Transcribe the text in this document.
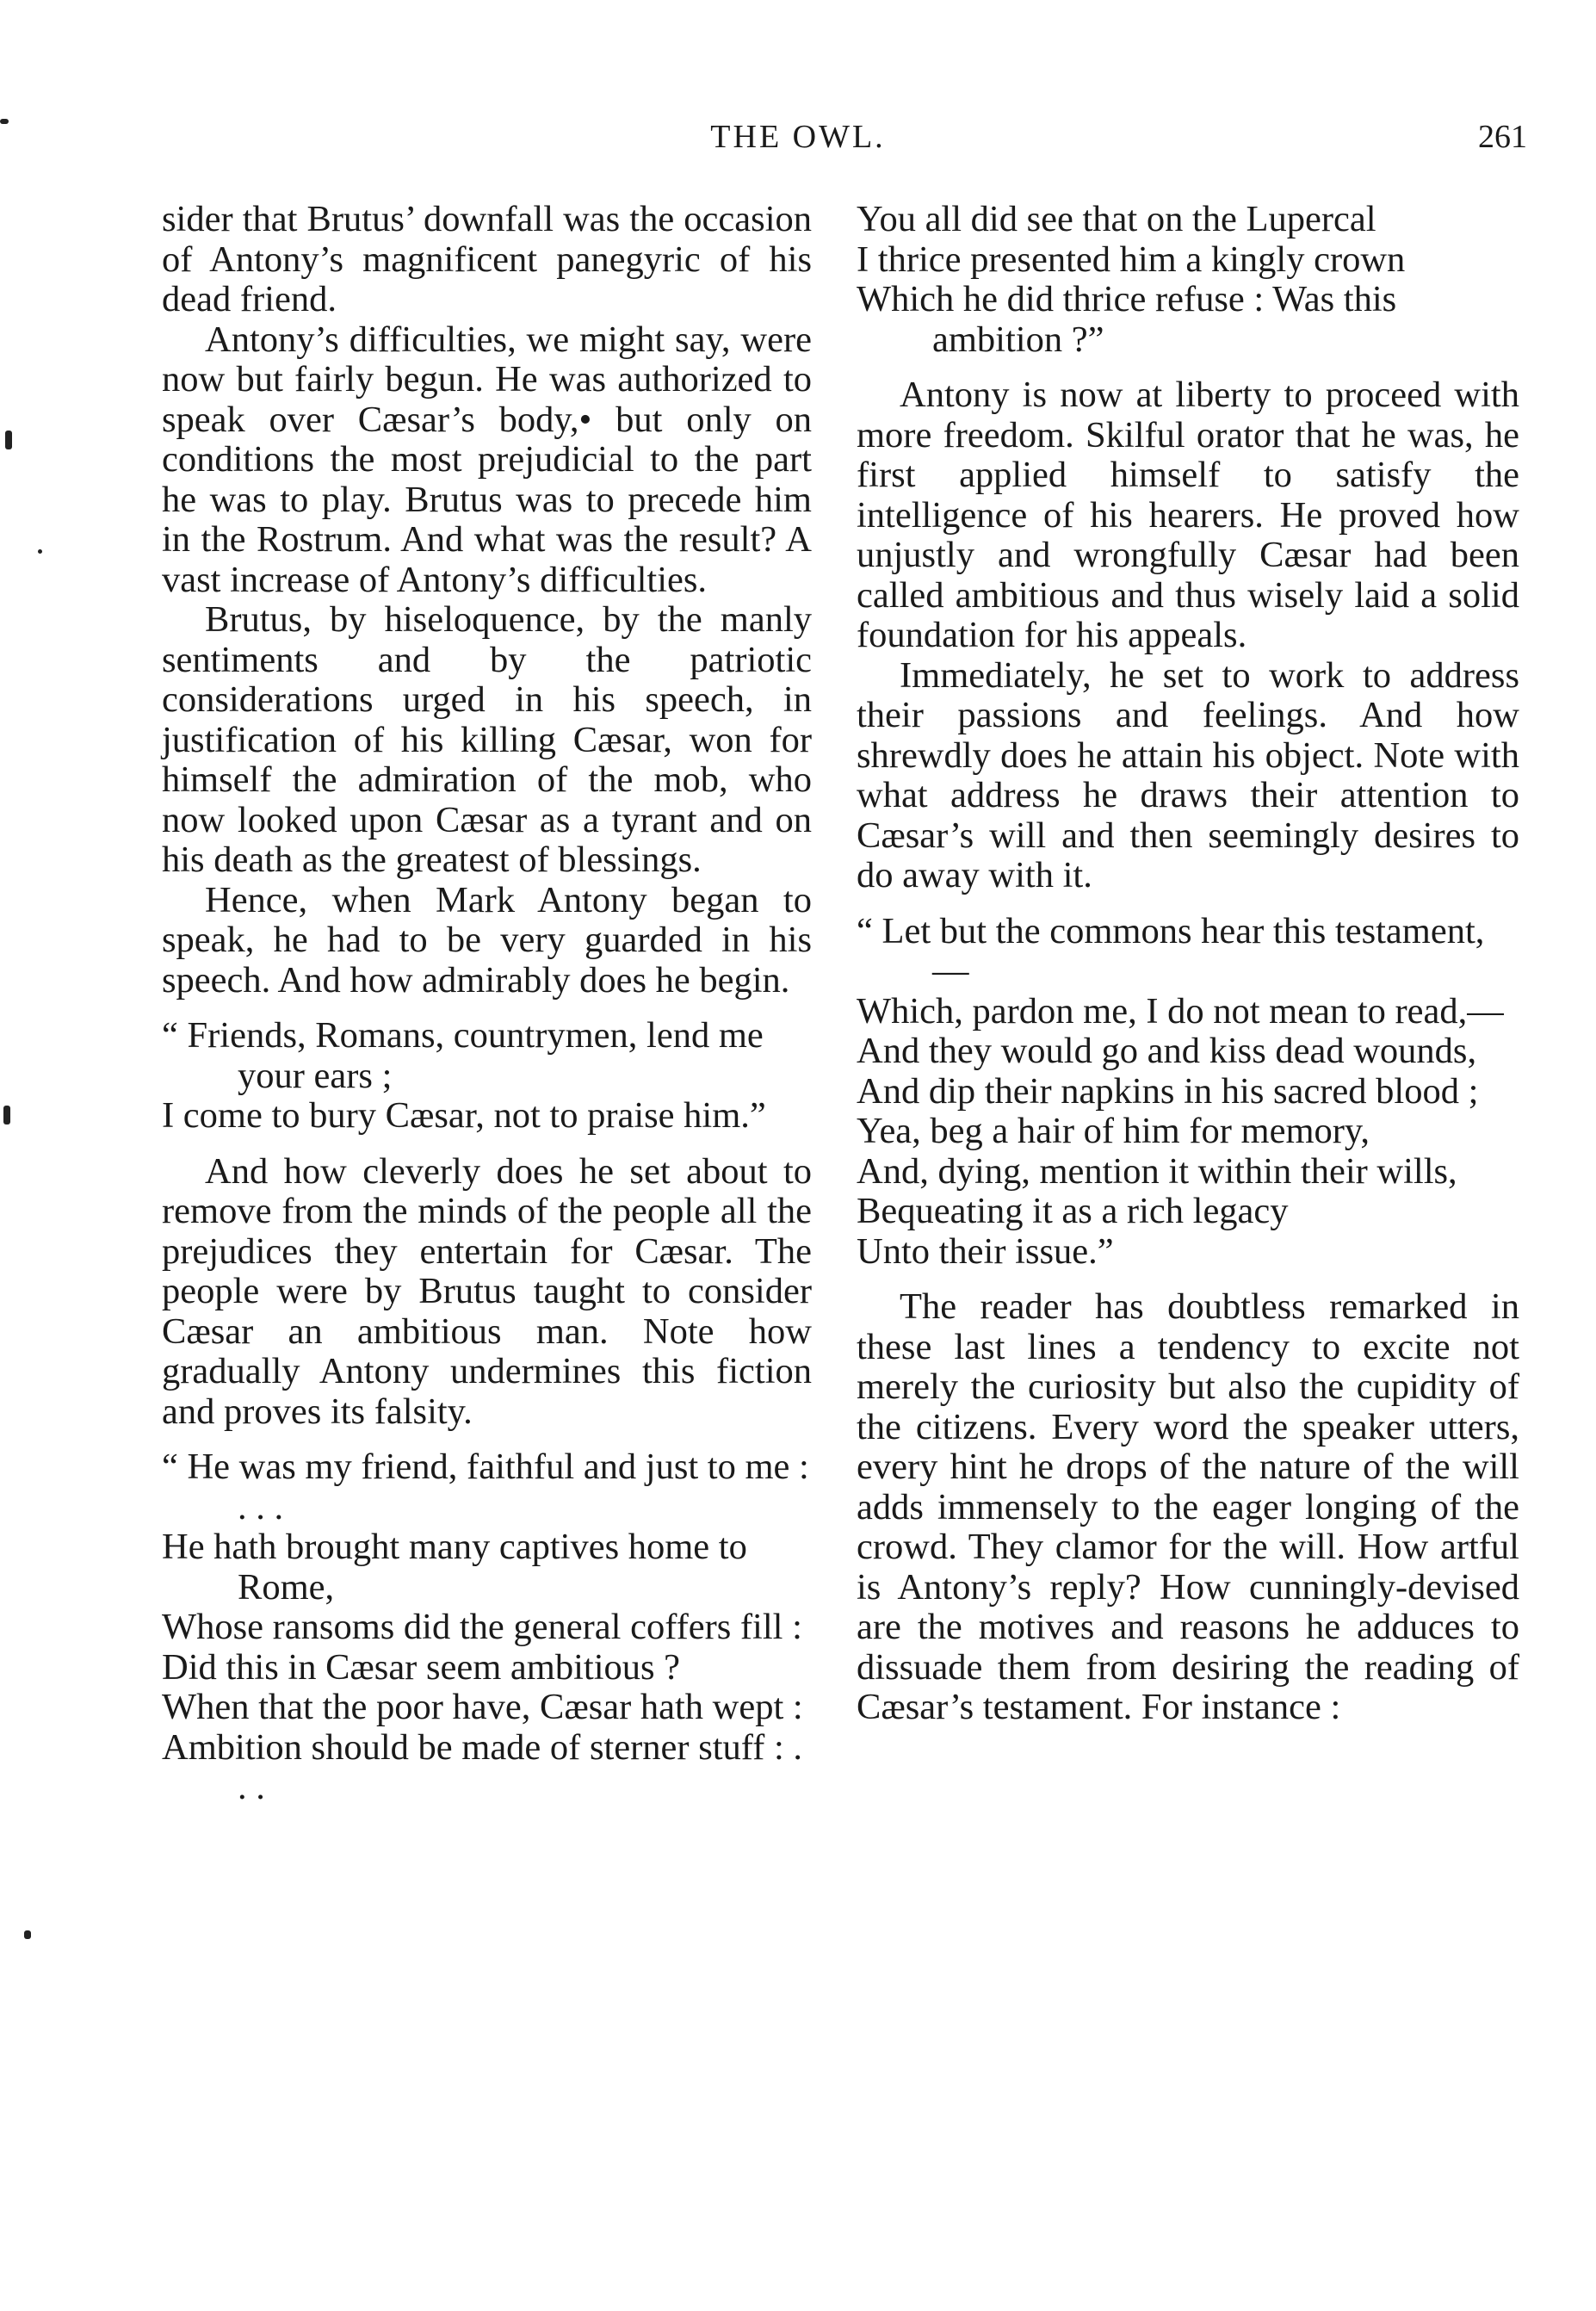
THE OWL.	261

sider that Brutus’ downfall was the occasion of Antony’s magnificent panegyric of his dead friend.

Antony’s difficulties, we might say, were now but fairly begun. He was authorized to speak over Cæsar’s body,• but only on conditions the most prejudicial to the part he was to play. Brutus was to precede him in the Rostrum. And what was the result? A vast increase of Antony’s difficulties.

Brutus, by hiseloquence, by the manly sentiments and by the patriotic considerations urged in his speech, in justification of his killing Cæsar, won for himself the admiration of the mob, who now looked upon Cæsar as a tyrant and on his death as the greatest of blessings.

Hence, when Mark Antony began to speak, he had to be very guarded in his speech. And how admirably does he begin.

“ Friends, Romans, countrymen, lend me your ears ;

I come to bury Cæsar, not to praise him.”

And how cleverly does he set about to remove from the minds of the people all the prejudices they entertain for Cæsar. The people were by Brutus taught to consider Cæsar an ambitious man. Note how gradually Antony undermines this fiction and proves its falsity.

“ He was my friend, faithful and just to me : . . .

He hath brought many captives home to Rome,

Whose ransoms did the general coffers fill :

Did this in Cæsar seem ambitious ?

When that the poor have, Cæsar hath wept :

Ambition should be made of sterner stuff : . . .

You all did see that on the Lupercal

I thrice presented him a kingly crown

Which he did thrice refuse : Was this ambition ?”

Antony is now at liberty to proceed with more freedom. Skilful orator that he was, he first applied himself to satisfy the intelligence of his hearers. He proved how unjustly and wrongfully Cæsar had been called ambitious and thus wisely laid a solid foundation for his appeals.

Immediately, he set to work to address their passions and feelings. And how shrewdly does he attain his object. Note with what address he draws their attention to Cæsar’s will and then seemingly desires to do away with it.

“ Let but the commons hear this testament,—

Which, pardon me, I do not mean to read,—

And they would go and kiss dead wounds,

And dip their napkins in his sacred blood ;

Yea, beg a hair of him for memory,

And, dying, mention it within their wills,

Bequeating it as a rich legacy

Unto their issue.”

The reader has doubtless remarked in these last lines a tendency to excite not merely the curiosity but also the cupidity of the citizens. Every word the speaker utters, every hint he drops of the nature of the will adds immensely to the eager longing of the crowd. They clamor for the will. How artful is Antony’s reply? How cunningly-devised are the motives and reasons he adduces to dissuade them from desiring the reading of Cæsar’s testament. For instance :
